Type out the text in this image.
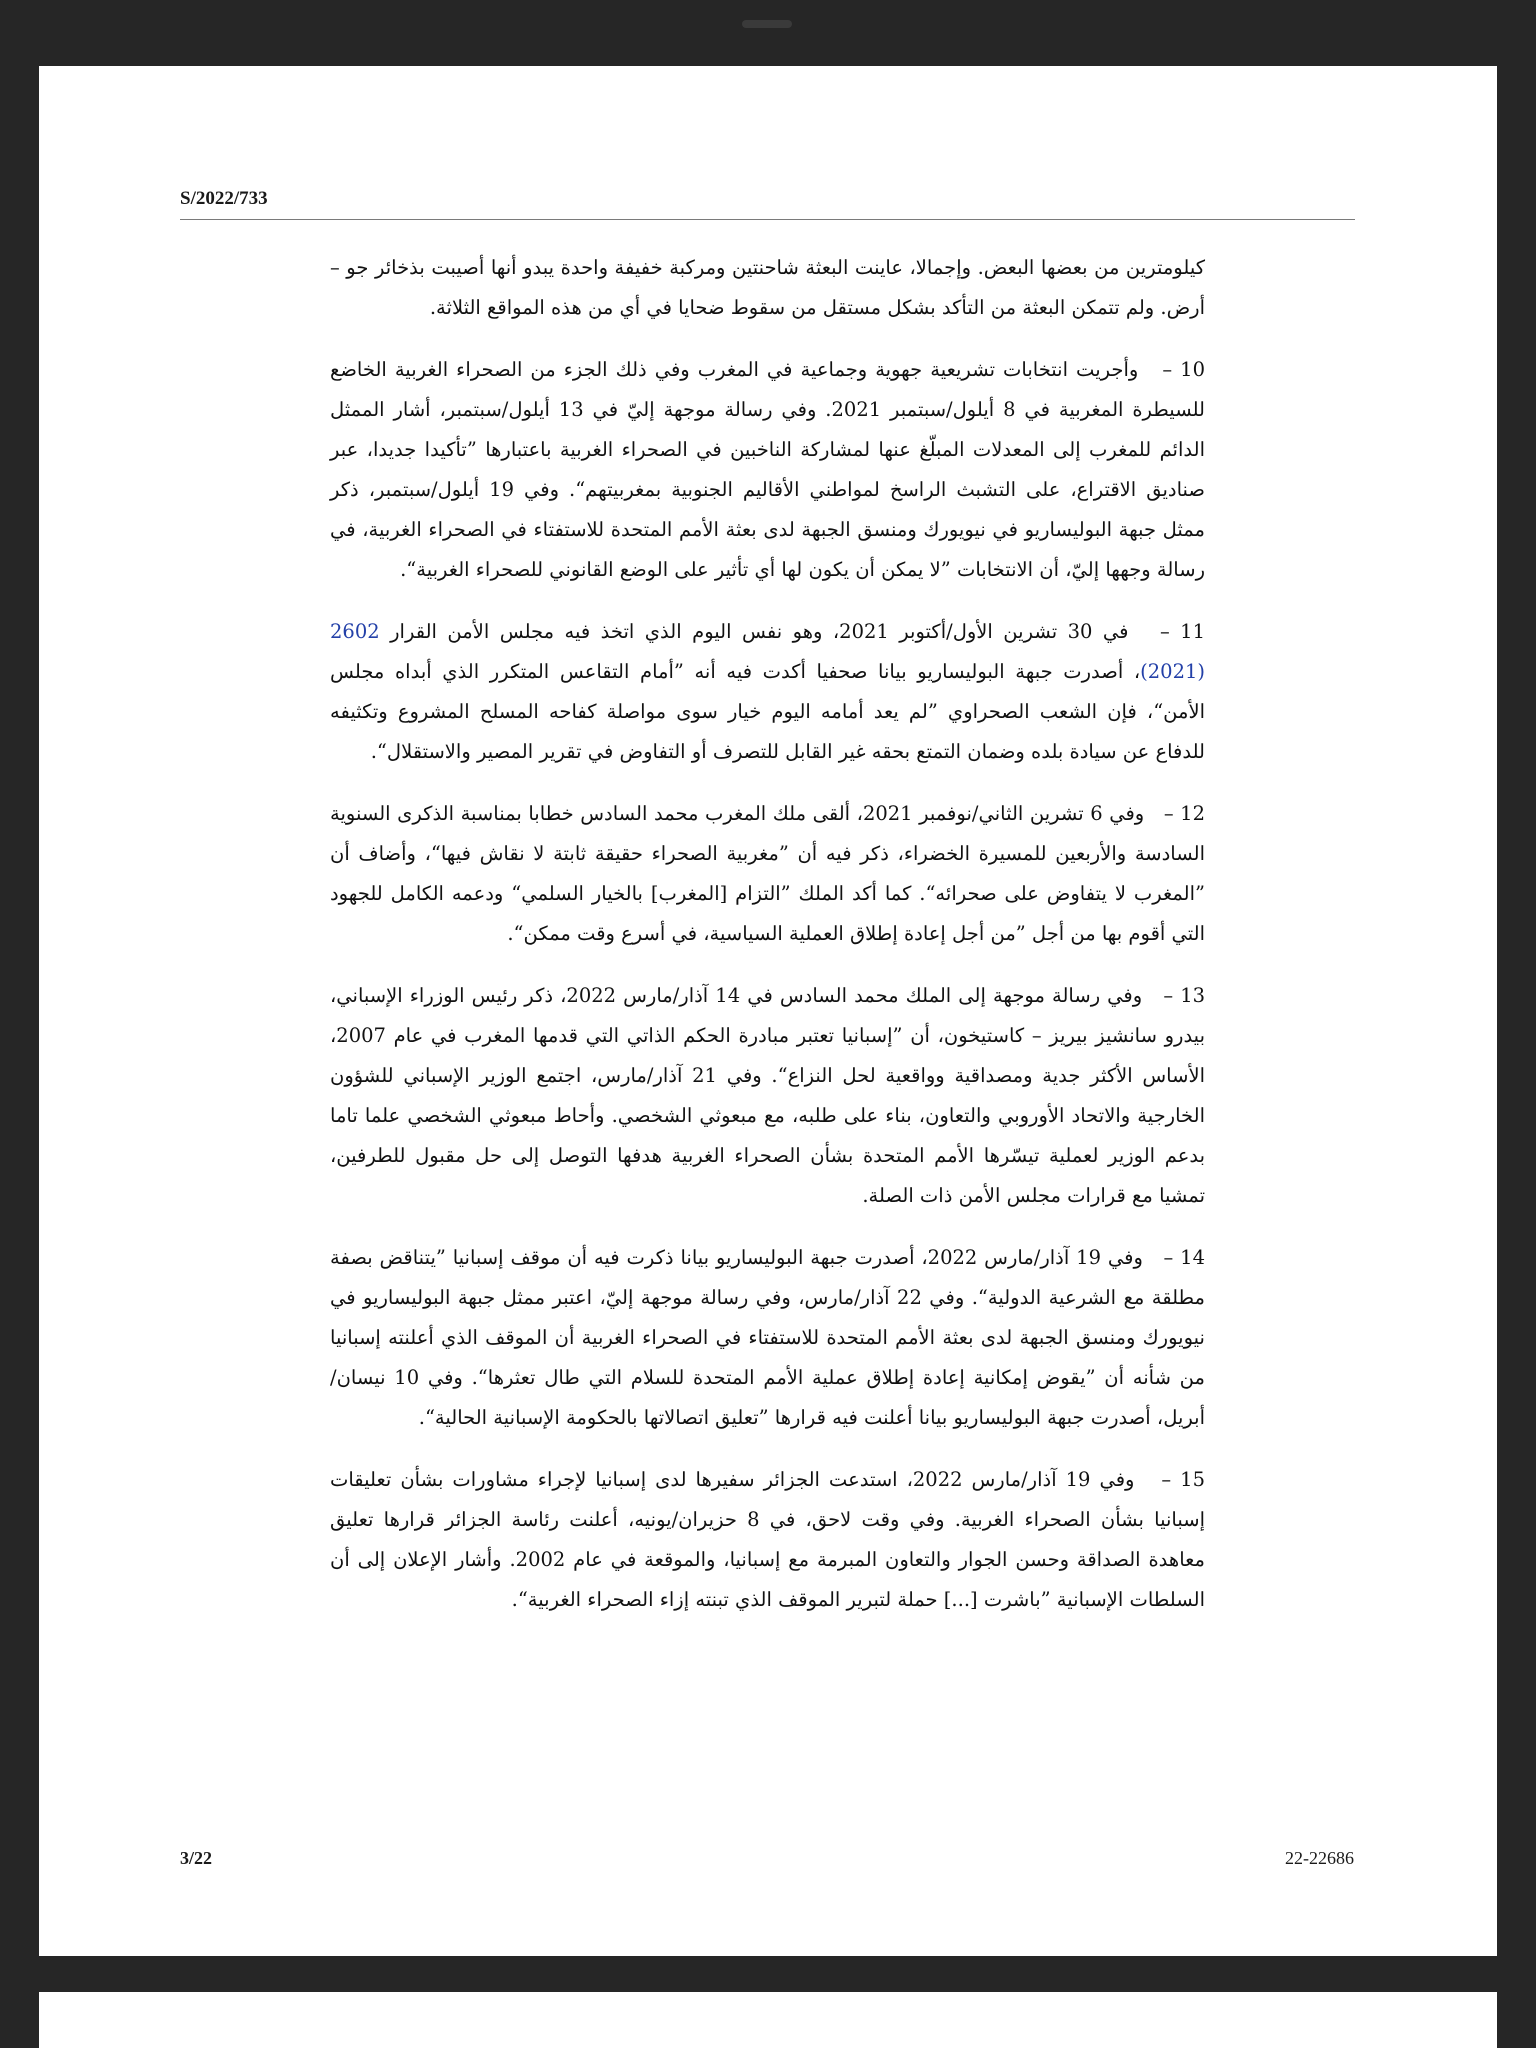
S/2022/733

كيلومترين من بعضها البعض. وإجمالا، عاينت البعثة شاحنتين ومركبة خفيفة واحدة يبدو أنها أصيبت بذخائر جو – أرض. ولم تتمكن البعثة من التأكد بشكل مستقل من سقوط ضحايا في أي من هذه المواقع الثلاثة.

10 –وأجريت انتخابات تشريعية جهوية وجماعية في المغرب وفي ذلك الجزء من الصحراء الغربية الخاضع للسيطرة المغربية في 8 أيلول/سبتمبر 2021. وفي رسالة موجهة إليّ في 13 أيلول/سبتمبر، أشار الممثل الدائم للمغرب إلى المعدلات المبلّغ عنها لمشاركة الناخبين في الصحراء الغربية باعتبارها ”تأكيدا جديدا، عبر صناديق الاقتراع، على التشبث الراسخ لمواطني الأقاليم الجنوبية بمغربيتهم“. وفي 19 أيلول/سبتمبر، ذكر ممثل جبهة البوليساريو في نيويورك ومنسق الجبهة لدى بعثة الأمم المتحدة للاستفتاء في الصحراء الغربية، في رسالة وجهها إليّ، أن الانتخابات ”لا يمكن أن يكون لها أي تأثير على الوضع القانوني للصحراء الغربية“.

11 –في 30 تشرين الأول/أكتوبر 2021، وهو نفس اليوم الذي اتخذ فيه مجلس الأمن القرار 2602 (2021)، أصدرت جبهة البوليساريو بيانا صحفيا أكدت فيه أنه ”أمام التقاعس المتكرر الذي أبداه مجلس الأمن“، فإن الشعب الصحراوي ”لم يعد أمامه اليوم خيار سوى مواصلة كفاحه المسلح المشروع وتكثيفه للدفاع عن سيادة بلده وضمان التمتع بحقه غير القابل للتصرف أو التفاوض في تقرير المصير والاستقلال“.

12 –وفي 6 تشرين الثاني/نوفمبر 2021، ألقى ملك المغرب محمد السادس خطابا بمناسبة الذكرى السنوية السادسة والأربعين للمسيرة الخضراء، ذكر فيه أن ”مغربية الصحراء حقيقة ثابتة لا نقاش فيها“، وأضاف أن ”المغرب لا يتفاوض على صحرائه“. كما أكد الملك ”التزام [المغرب] بالخيار السلمي“ ودعمه الكامل للجهود التي أقوم بها من أجل ”من أجل إعادة إطلاق العملية السياسية، في أسرع وقت ممكن“.

13 –وفي رسالة موجهة إلى الملك محمد السادس في 14 آذار/مارس 2022، ذكر رئيس الوزراء الإسباني، بيدرو سانشيز بيريز – كاستيخون، أن ”إسبانيا تعتبر مبادرة الحكم الذاتي التي قدمها المغرب في عام 2007، الأساس الأكثر جدية ومصداقية وواقعية لحل النزاع“. وفي 21 آذار/مارس، اجتمع الوزير الإسباني للشؤون الخارجية والاتحاد الأوروبي والتعاون، بناء على طلبه، مع مبعوثي الشخصي. وأحاط مبعوثي الشخصي علما تاما بدعم الوزير لعملية تيسّرها الأمم المتحدة بشأن الصحراء الغربية هدفها التوصل إلى حل مقبول للطرفين، تمشيا مع قرارات مجلس الأمن ذات الصلة.

14 –وفي 19 آذار/مارس 2022، أصدرت جبهة البوليساريو بيانا ذكرت فيه أن موقف إسبانيا ”يتناقض بصفة مطلقة مع الشرعية الدولية“. وفي 22 آذار/مارس، وفي رسالة موجهة إليّ، اعتبر ممثل جبهة البوليساريو في نيويورك ومنسق الجبهة لدى بعثة الأمم المتحدة للاستفتاء في الصحراء الغربية أن الموقف الذي أعلنته إسبانيا من شأنه أن ”يقوض إمكانية إعادة إطلاق عملية الأمم المتحدة للسلام التي طال تعثرها“. وفي 10 نيسان/أبريل، أصدرت جبهة البوليساريو بيانا أعلنت فيه قرارها ”تعليق اتصالاتها بالحكومة الإسبانية الحالية“.

15 –وفي 19 آذار/مارس 2022، استدعت الجزائر سفيرها لدى إسبانيا لإجراء مشاورات بشأن تعليقات إسبانيا بشأن الصحراء الغربية. وفي وقت لاحق، في 8 حزيران/يونيه، أعلنت رئاسة الجزائر قرارها تعليق معاهدة الصداقة وحسن الجوار والتعاون المبرمة مع إسبانيا، والموقعة في عام 2002. وأشار الإعلان إلى أن السلطات الإسبانية ”باشرت [...] حملة لتبرير الموقف الذي تبنته إزاء الصحراء الغربية“.

3/22	22-22686
